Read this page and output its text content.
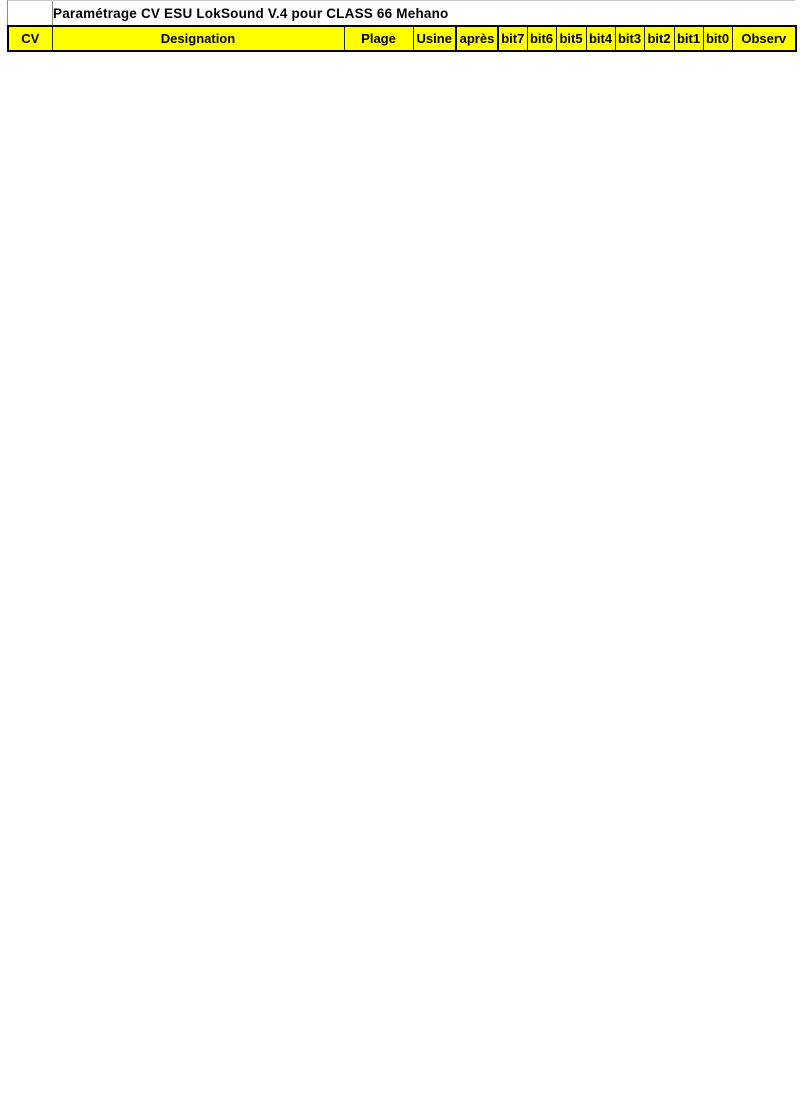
Paramétrage CV ESU LokSound V.4 pour CLASS 66 Mehano
CV	Designation	Plage	Usine	après	bit7	bit6	bit5	bit4	bit3	bit2	bit1	bit0	Observ
